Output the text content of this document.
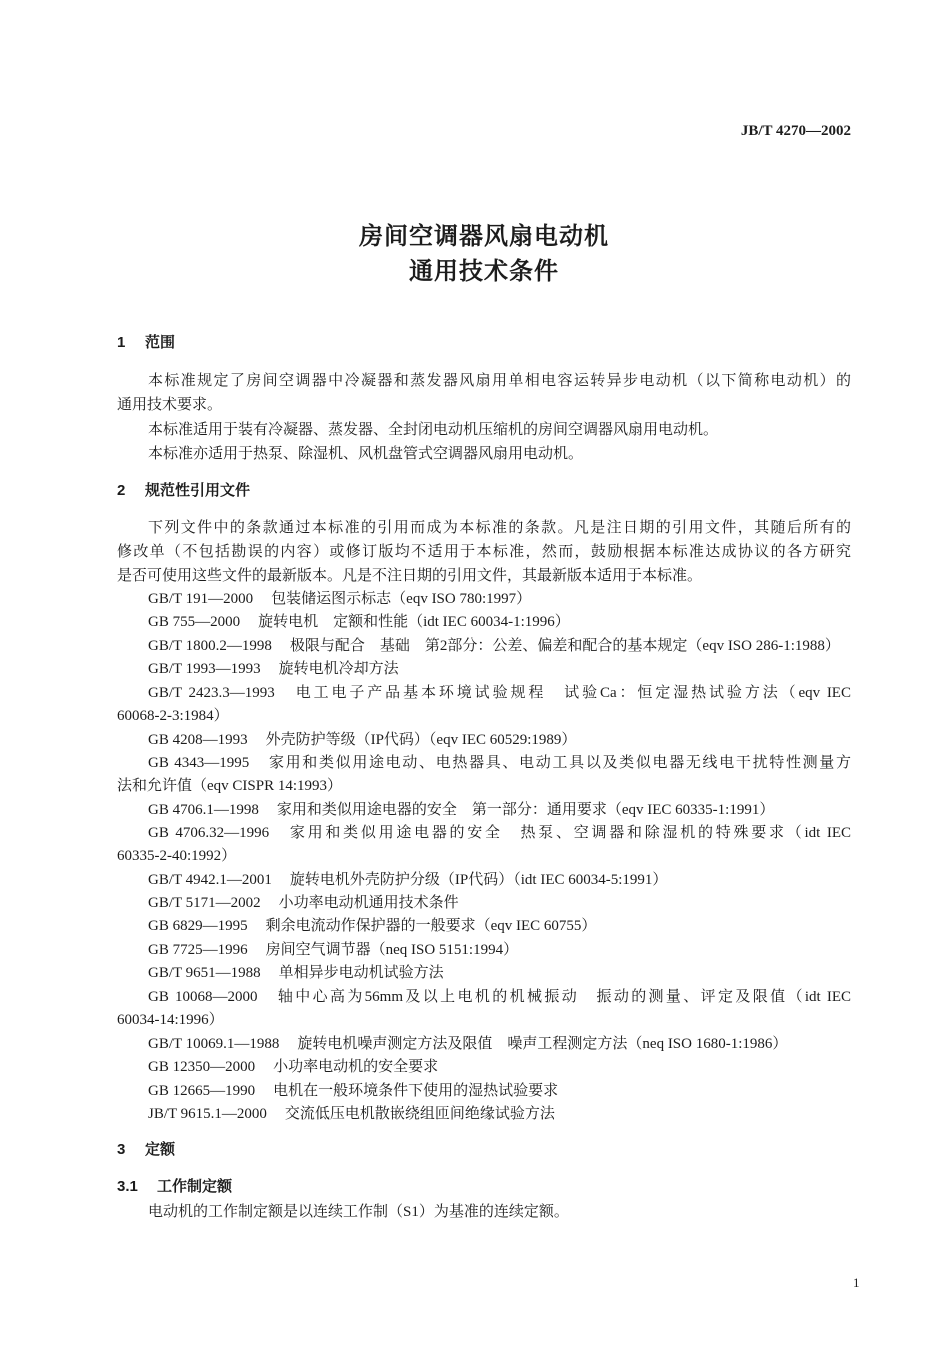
JB/T 4270—2002
房间空调器风扇电动机
通用技术条件
1 范围
本标准规定了房间空调器中冷凝器和蒸发器风扇用单相电容运转异步电动机（以下简称电动机）的
通用技术要求。
本标准适用于装有冷凝器、蒸发器、全封闭电动机压缩机的房间空调器风扇用电动机。
本标准亦适用于热泵、除湿机、风机盘管式空调器风扇用电动机。
2 规范性引用文件
下列文件中的条款通过本标准的引用而成为本标准的条款。凡是注日期的引用文件，其随后所有的
修改单（不包括勘误的内容）或修订版均不适用于本标准，然而，鼓励根据本标准达成协议的各方研究
是否可使用这些文件的最新版本。凡是不注日期的引用文件，其最新版本适用于本标准。
GB/T 191—2000 包装储运图示标志（eqv ISO 780:1997）
GB 755—2000 旋转电机　定额和性能（idt IEC 60034-1:1996）
GB/T 1800.2—1998 极限与配合　基础　第2部分：公差、偏差和配合的基本规定（eqv ISO 286-1:1988）
GB/T 1993—1993 旋转电机冷却方法
GB/T 2423.3—1993 电工电子产品基本环境试验规程　试验Ca：恒定湿热试验方法（eqv IEC
60068-2-3:1984）
GB 4208—1993 外壳防护等级（IP代码）（eqv IEC 60529:1989）
GB 4343—1995 家用和类似用途电动、电热器具、电动工具以及类似电器无线电干扰特性测量方
法和允许值（eqv CISPR 14:1993）
GB 4706.1—1998 家用和类似用途电器的安全　第一部分：通用要求（eqv IEC 60335-1:1991）
GB 4706.32—1996 家用和类似用途电器的安全　热泵、空调器和除湿机的特殊要求（idt IEC
60335-2-40:1992）
GB/T 4942.1—2001 旋转电机外壳防护分级（IP代码）（idt IEC 60034-5:1991）
GB/T 5171—2002 小功率电动机通用技术条件
GB 6829—1995 剩余电流动作保护器的一般要求（eqv IEC 60755）
GB 7725—1996 房间空气调节器（neq ISO 5151:1994）
GB/T 9651—1988 单相异步电动机试验方法
GB 10068—2000 轴中心高为56mm及以上电机的机械振动　振动的测量、评定及限值（idt IEC
60034-14:1996）
GB/T 10069.1—1988 旋转电机噪声测定方法及限值　噪声工程测定方法（neq ISO 1680-1:1986）
GB 12350—2000 小功率电动机的安全要求
GB 12665—1990 电机在一般环境条件下使用的湿热试验要求
JB/T 9615.1—2000 交流低压电机散嵌绕组匝间绝缘试验方法
3 定额
3.1 工作制定额
电动机的工作制定额是以连续工作制（S1）为基准的连续定额。
1
